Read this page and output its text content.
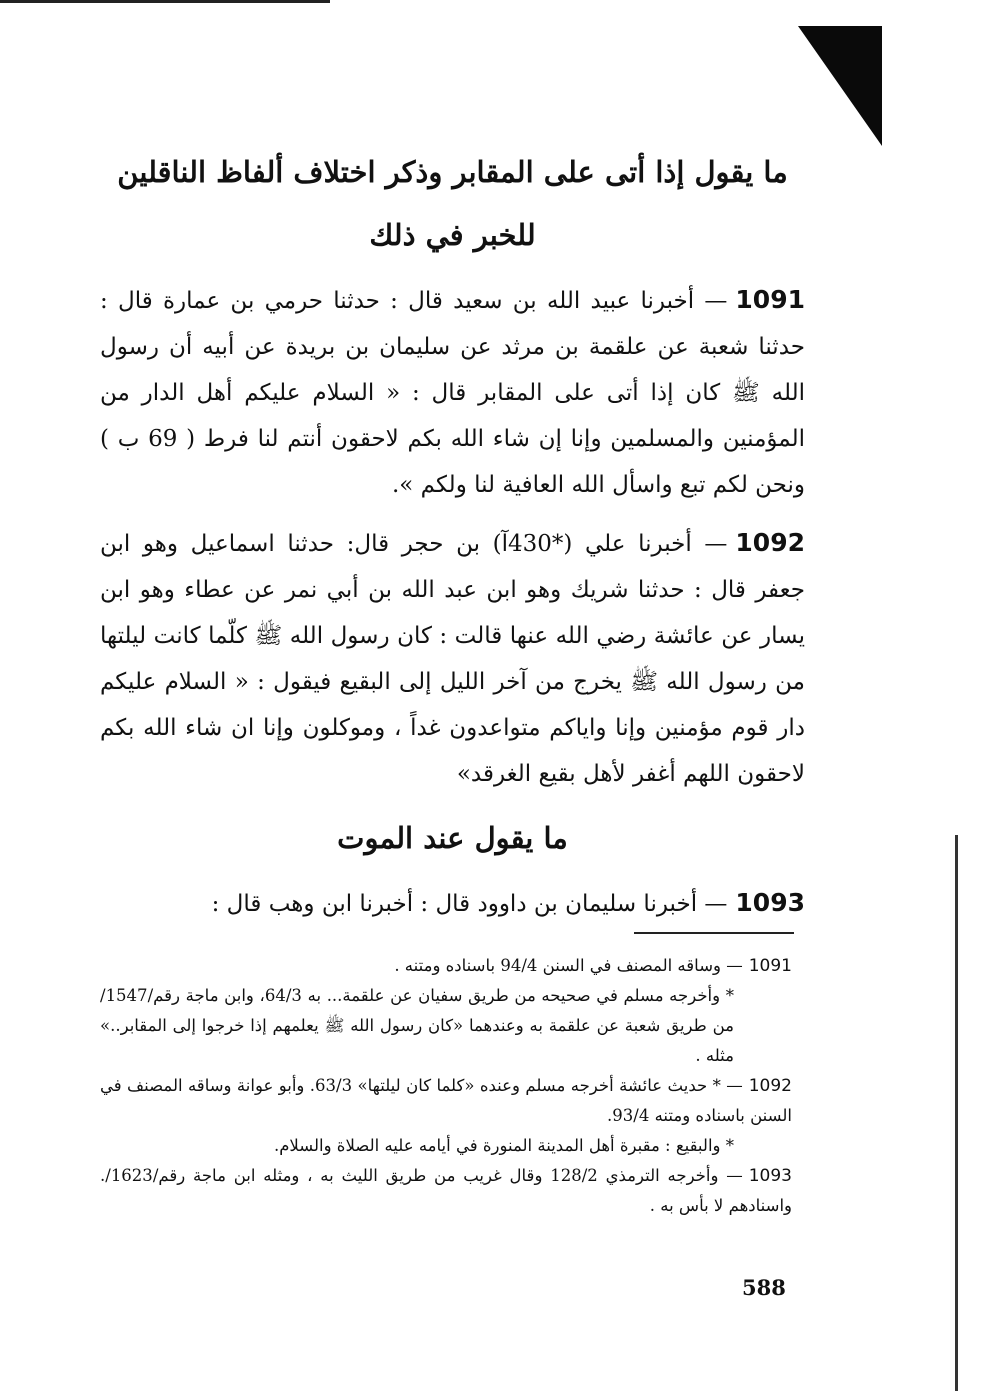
ما يقول إذا أتى على المقابر وذكر اختلاف ألفاظ الناقلين
للخبر في ذلك

1091— أخبرنا عبيد الله بن سعيد قال : حدثنا حرمي بن عمارة قال : حدثنا شعبة عن علقمة بن مرثد عن سليمان بن بريدة عن أبيه أن رسول الله ﷺ كان إذا أتى على المقابر قال : « السلام عليكم أهل الدار من المؤمنين والمسلمين وإنا إن شاء الله بكم لاحقون أنتم لنا فرط ( 69 ب ) ونحن لكم تبع واسأل الله العافية لنا ولكم ».

1092— أخبرنا علي (*430آ) بن حجر قال: حدثنا اسماعيل وهو ابن جعفر قال : حدثنا شريك وهو ابن عبد الله بن أبي نمر عن عطاء وهو ابن يسار عن عائشة رضي الله عنها قالت : كان رسول الله ﷺ كلّما كانت ليلتها من رسول الله ﷺ يخرج من آخر الليل إلى البقيع فيقول : « السلام عليكم دار قوم مؤمنين وإنا واياكم متواعدون غداً ، وموكلون وإنا ان شاء الله بكم لاحقون اللهم أغفر لأهل بقيع الغرقد»

ما يقول عند الموت

1093— أخبرنا سليمان بن داوود قال : أخبرنا ابن وهب قال :

1091— وساقه المصنف في السنن 94/4 باسناده ومتنه .

* وأخرجه مسلم في صحيحه من طريق سفيان عن علقمة... به 64/3، وابن ماجة رقم/1547/ من طريق شعبة عن علقمة به وعندهما «كان رسول الله ﷺ يعلمهم إذا خرجوا إلى المقابر..» مثله .

1092— * حديث عائشة أخرجه مسلم وعنده «كلما كان ليلتها» 63/3. وأبو عوانة وساقه المصنف في السنن باسناده ومتنه 93/4.

* والبقيع : مقبرة أهل المدينة المنورة في أيامه عليه الصلاة والسلام.

1093— وأخرجه الترمذي 128/2 وقال غريب من طريق الليث به ، ومثله ابن ماجة رقم/1623/. واسنادهم لا بأس به .

588
